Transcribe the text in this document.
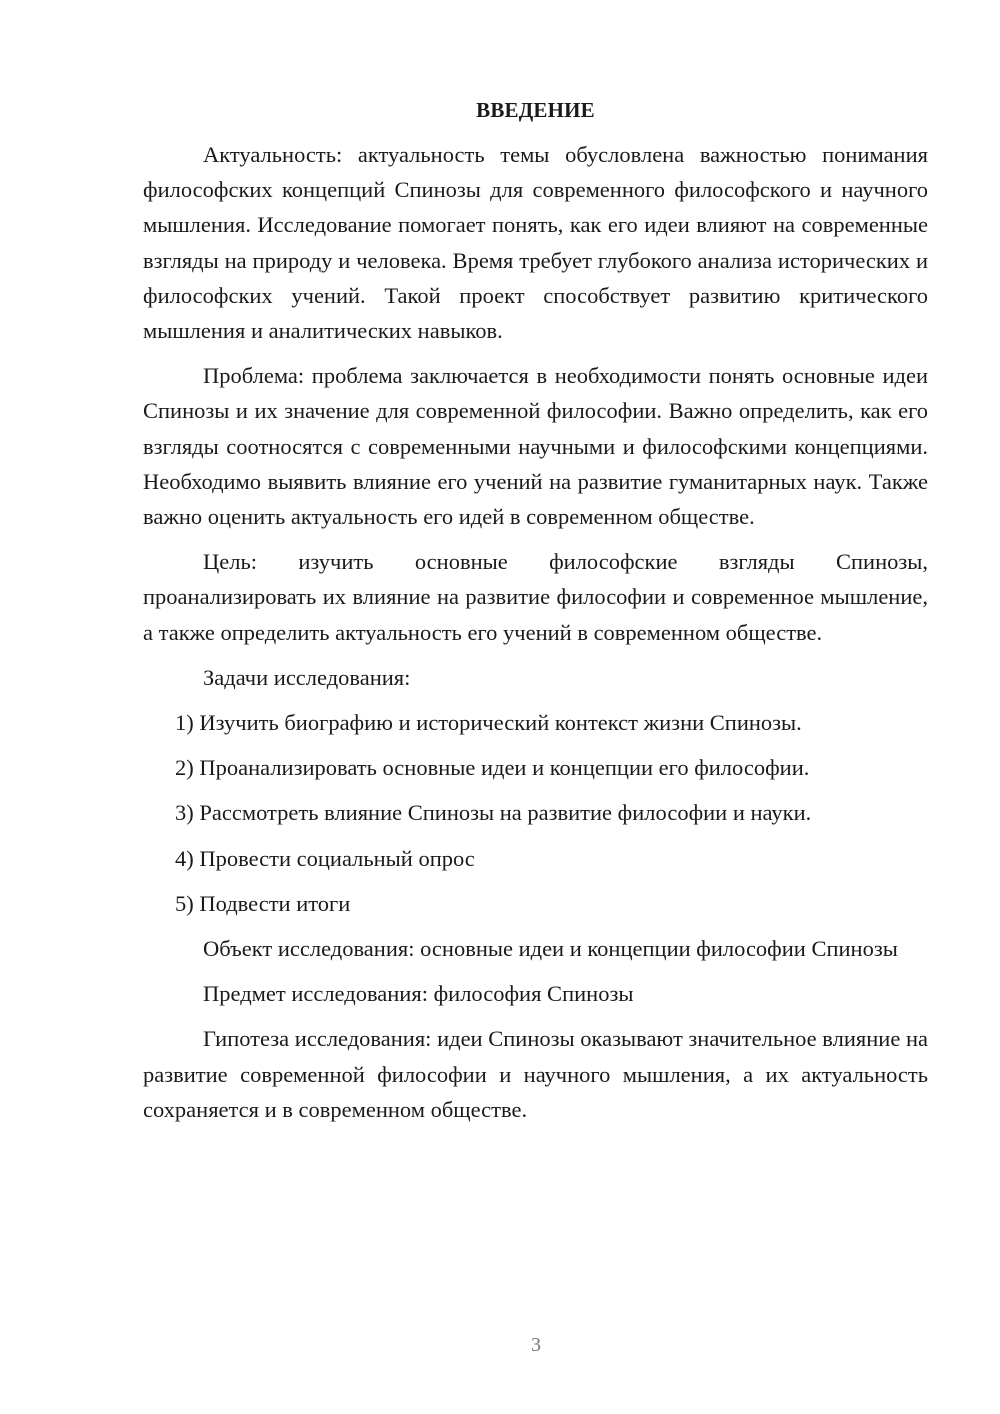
ВВЕДЕНИЕ

Актуальность: актуальность темы обусловлена важностью понимания философских концепций Спинозы для современного философского и научного мышления. Исследование помогает понять, как его идеи влияют на современные взгляды на природу и человека. Время требует глубокого анализа исторических и философских учений. Такой проект способствует развитию критического мышления и аналитических навыков.

Проблема: проблема заключается в необходимости понять основные идеи Спинозы и их значение для современной философии. Важно определить, как его взгляды соотносятся с современными научными и философскими концепциями. Необходимо выявить влияние его учений на развитие гуманитарных наук. Также важно оценить актуальность его идей в современном обществе.

Цель: изучить основные философские взгляды Спинозы, проанализировать их влияние на развитие философии и современное мышление, а также определить актуальность его учений в современном обществе.

Задачи исследования:

1) Изучить биографию и исторический контекст жизни Спинозы.
2) Проанализировать основные идеи и концепции его философии.
3) Рассмотреть влияние Спинозы на развитие философии и науки.
4) Провести социальный опрос
5) Подвести итоги

Объект исследования: основные идеи и концепции философии Спинозы

Предмет исследования: философия Спинозы

Гипотеза исследования: идеи Спинозы оказывают значительное влияние на развитие современной философии и научного мышления, а их актуальность сохраняется и в современном обществе.

3
